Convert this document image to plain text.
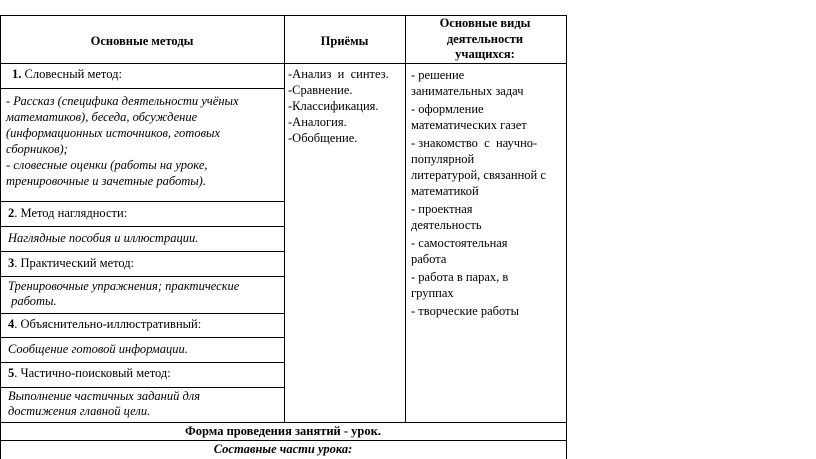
Основные методы	Приёмы
Основные виды деятельности учащихся:
1. Словесный метод:
- Рассказ (специфика деятельности учёных
математиков), беседа, обсуждение
(информационных источников, готовых
сборников);
- словесные оценки (работы на уроке,
тренировочные и зачетные работы).
2. Метод наглядности:
Наглядные пособия и иллюстрации.
3. Практический метод:
Тренировочные упражнения; практические
работы.
4. Объяснительно-иллюстративный:
Сообщение готовой информации.
5. Частично-поисковый метод:
Выполнение частичных заданий для
достижения главной цели.
-Анализ  и  синтез.
-Сравнение.
-Классификация.
-Аналогия.
-Обобщение.
- решение
занимательных задач
- оформление
математических газет
- знакомство  с  научно-
популярной
литературой, связанной с
математикой
- проектная
деятельность
- самостоятельная
работа
- работа в парах, в
группах
- творческие работы
Форма проведения занятий - урок.
Составные части урока:
